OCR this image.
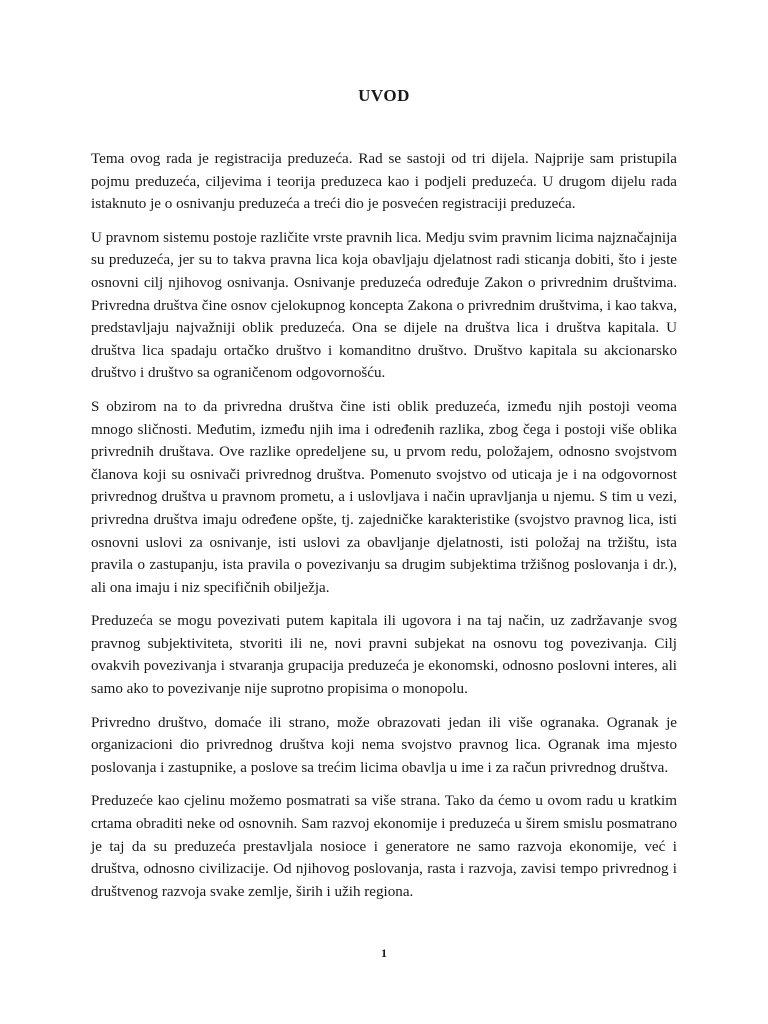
UVOD

Tema ovog rada je registracija preduzeća. Rad se sastoji od tri dijela. Najprije sam pristupila pojmu preduzeća, ciljevima i teorija preduzeca kao i podjeli preduzeća. U drugom dijelu rada istaknuto je o osnivanju preduzeća a treći dio je posvećen registraciji preduzeća.

U pravnom sistemu postoje različite vrste pravnih lica. Medju svim pravnim licima najznačajnija su preduzeća, jer su to takva pravna lica koja obavljaju djelatnost radi sticanja dobiti, što i jeste osnovni cilj njihovog osnivanja. Osnivanje preduzeća određuje Zakon o privrednim društvima. Privredna društva čine osnov cjelokupnog koncepta Zakona o privrednim društvima, i kao takva, predstavljaju najvažniji oblik preduzeća. Ona se dijele na društva lica i društva kapitala. U društva lica spadaju ortačko društvo i komanditno društvo. Društvo kapitala su akcionarsko društvo i društvo sa ograničenom odgovornošću.

S obzirom na to da privredna društva čine isti oblik preduzeća, između njih postoji veoma mnogo sličnosti. Međutim, između njih ima i određenih razlika, zbog čega i postoji više oblika privrednih društava. Ove razlike opredeljene su, u prvom redu, položajem, odnosno svojstvom članova koji su osnivači privrednog društva. Pomenuto svojstvo od uticaja je i na odgovornost privrednog društva u pravnom prometu, a i uslovljava i način upravljanja u njemu. S tim u vezi, privredna društva imaju određene opšte, tj. zajedničke karakteristike (svojstvo pravnog lica, isti osnovni uslovi za osnivanje, isti uslovi za obavljanje djelatnosti, isti položaj na tržištu, ista pravila o zastupanju, ista pravila o povezivanju sa drugim subjektima tržišnog poslovanja i dr.), ali ona imaju i niz specifičnih obilježja.

Preduzeća se mogu povezivati putem kapitala ili ugovora i na taj način, uz zadržavanje svog pravnog subjektiviteta, stvoriti ili ne, novi pravni subjekat na osnovu tog povezivanja. Cilj ovakvih povezivanja i stvaranja grupacija preduzeća je ekonomski, odnosno poslovni interes, ali samo ako to povezivanje nije suprotno propisima o monopolu.

Privredno društvo, domaće ili strano, može obrazovati jedan ili više ogranaka. Ogranak je organizacioni dio privrednog društva koji nema svojstvo pravnog lica. Ogranak ima mjesto poslovanja i zastupnike, a poslove sa trećim licima obavlja u ime i za račun privrednog društva.

Preduzeće kao cjelinu možemo posmatrati sa više strana. Tako da ćemo u ovom radu u kratkim crtama obraditi neke od osnovnih. Sam razvoj ekonomije i preduzeća u širem smislu posmatrano je taj da su preduzeća prestavljala nosioce i generatore ne samo razvoja ekonomije, već i društva, odnosno civilizacije. Od njihovog poslovanja, rasta i razvoja, zavisi tempo privrednog i društvenog razvoja svake zemlje, širih i užih regiona.

1
